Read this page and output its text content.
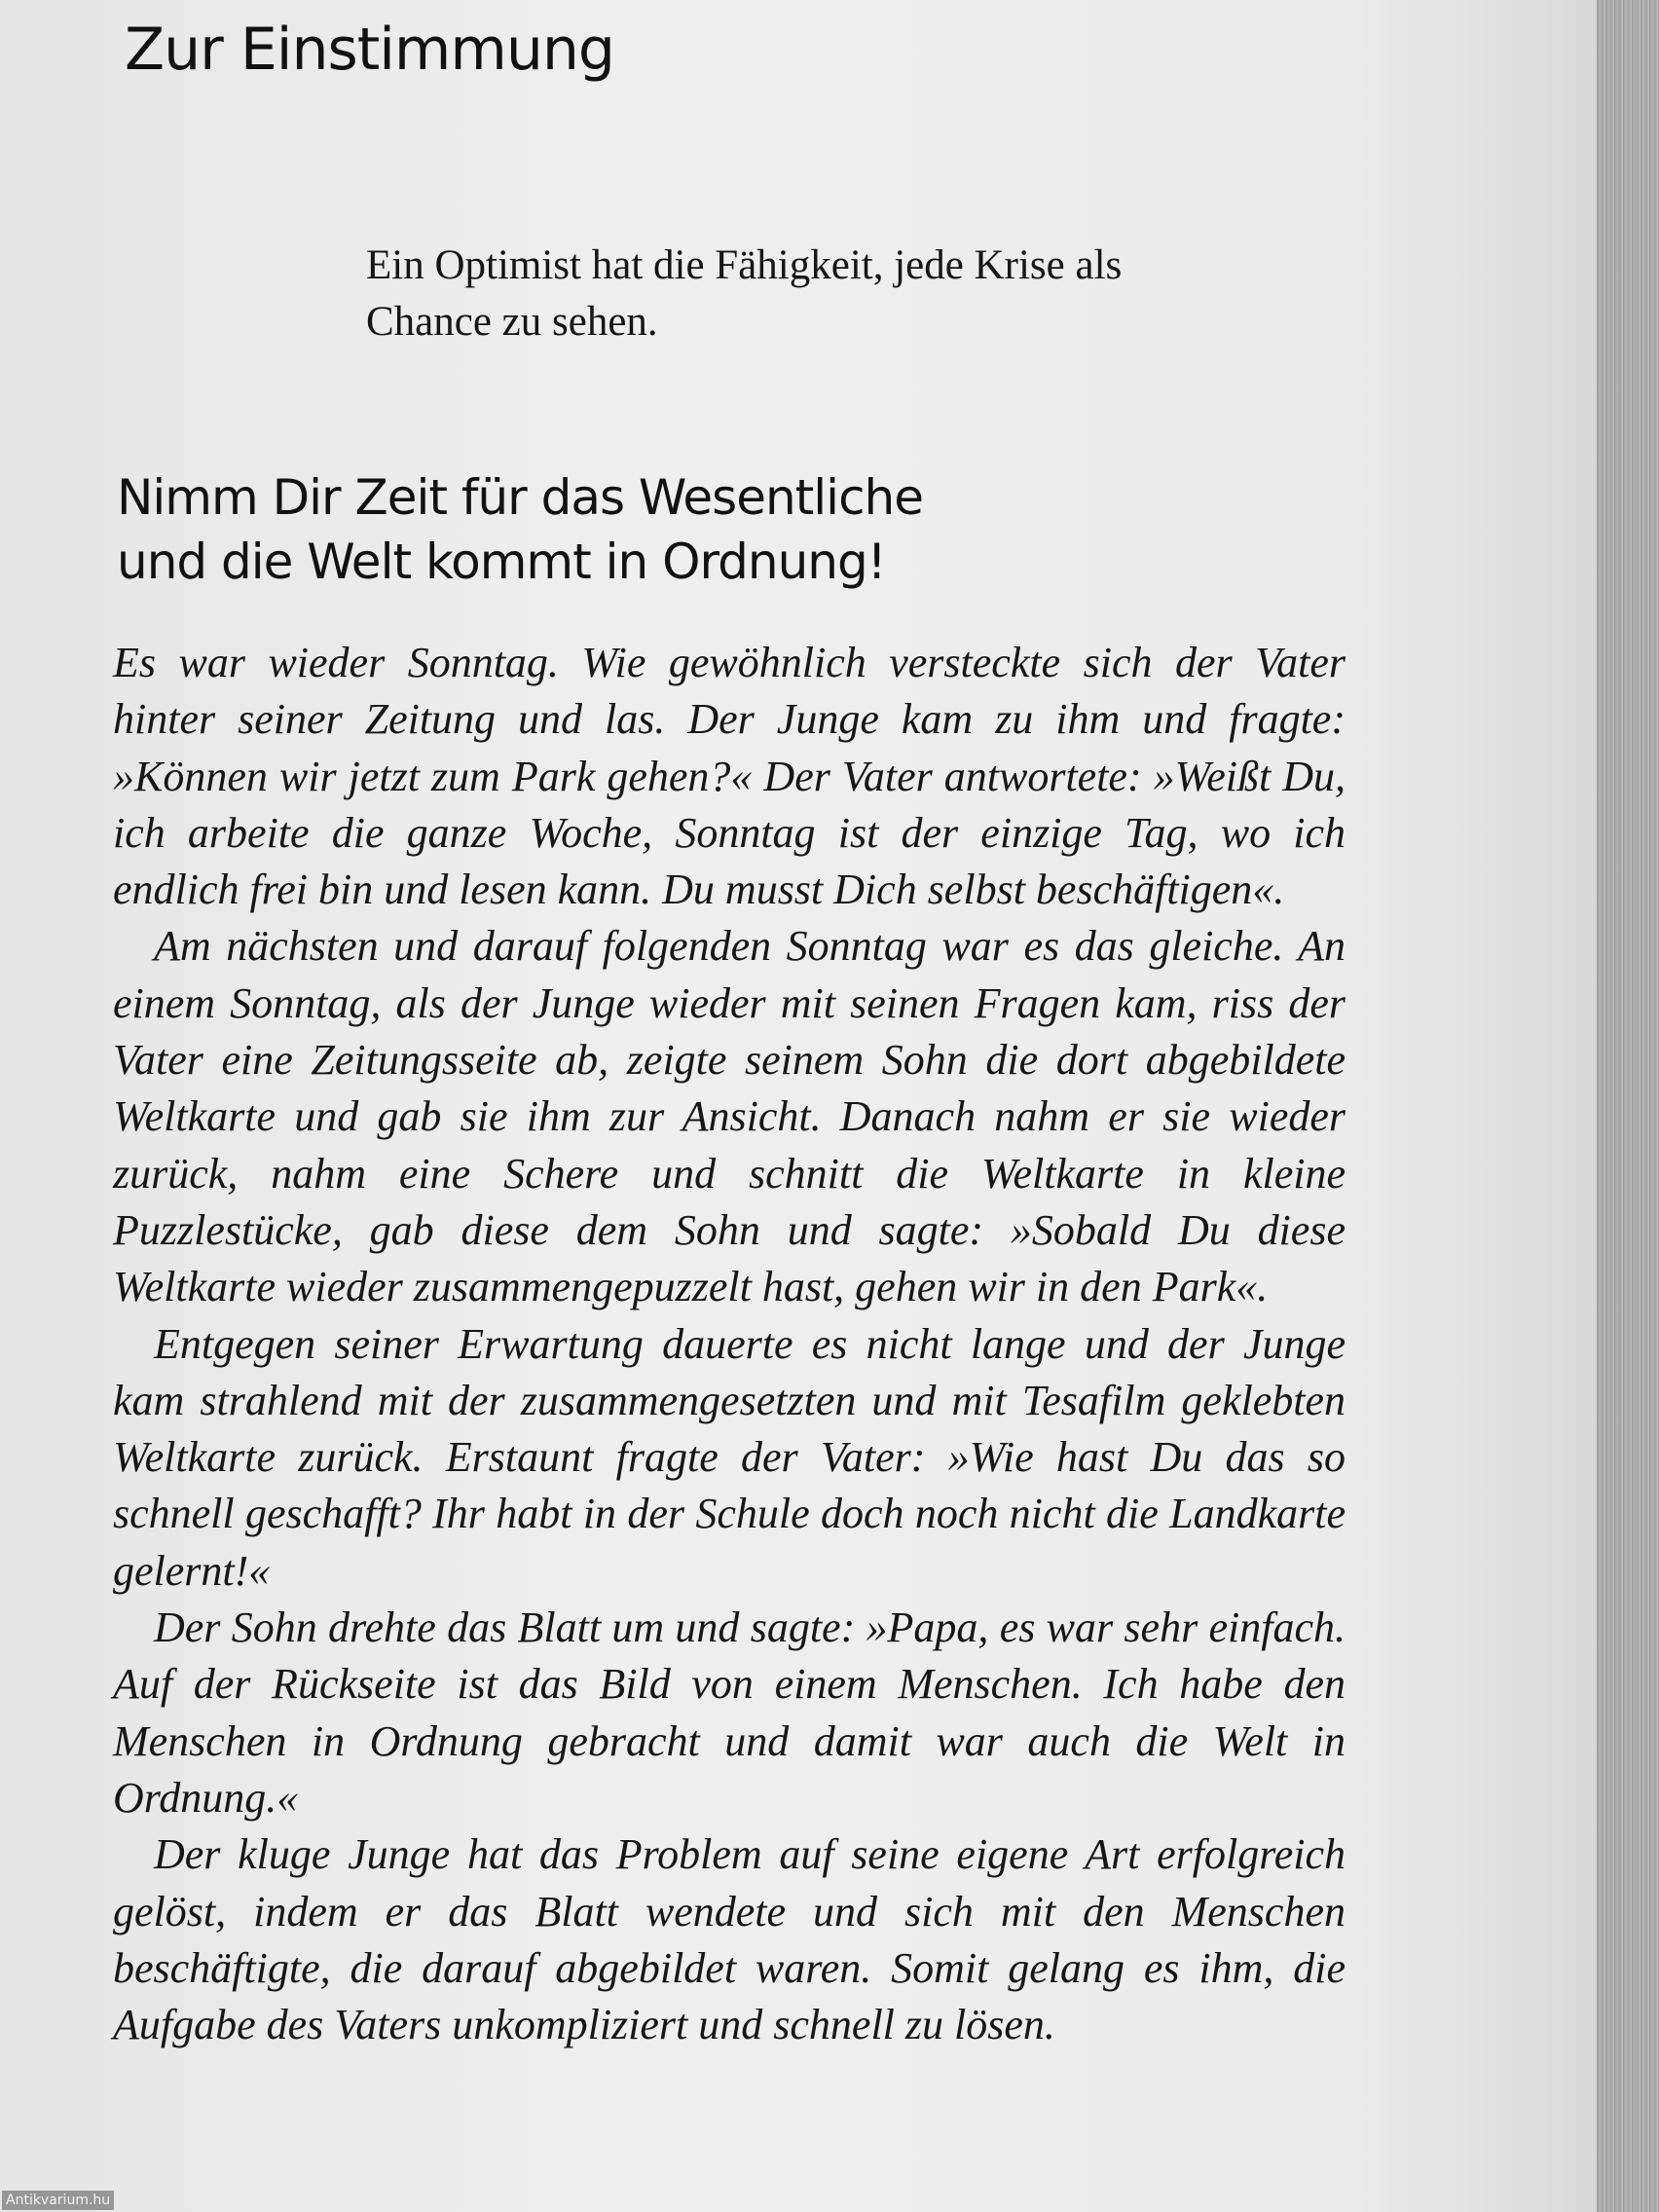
Zur Einstimmung

Ein Optimist hat die Fähigkeit, jede Krise als Chance zu sehen.

Nimm Dir Zeit für das Wesentliche
und die Welt kommt in Ordnung!

Es war wieder Sonntag. Wie gewöhnlich versteckte sich der Vater hinter seiner Zeitung und las. Der Junge kam zu ihm und fragte: »Können wir jetzt zum Park gehen?« Der Vater antwortete: »Weißt Du, ich arbeite die ganze Woche, Sonntag ist der einzige Tag, wo ich endlich frei bin und lesen kann. Du musst Dich selbst beschäftigen«.

Am nächsten und darauf folgenden Sonntag war es das gleiche. An einem Sonntag, als der Junge wieder mit seinen Fragen kam, riss der Vater eine Zeitungsseite ab, zeigte seinem Sohn die dort abgebildete Weltkarte und gab sie ihm zur Ansicht. Danach nahm er sie wieder zurück, nahm eine Schere und schnitt die Weltkarte in kleine Puzzlestücke, gab diese dem Sohn und sagte: »Sobald Du diese Weltkarte wieder zusammengepuzzelt hast, gehen wir in den Park«.

Entgegen seiner Erwartung dauerte es nicht lange und der Junge kam strahlend mit der zusammengesetzten und mit Tesafilm geklebten Weltkarte zurück. Erstaunt fragte der Vater: »Wie hast Du das so schnell geschafft? Ihr habt in der Schule doch noch nicht die Landkarte gelernt!«

Der Sohn drehte das Blatt um und sagte: »Papa, es war sehr einfach. Auf der Rückseite ist das Bild von einem Menschen. Ich habe den Menschen in Ordnung gebracht und damit war auch die Welt in Ordnung.«

Der kluge Junge hat das Problem auf seine eigene Art erfolgreich gelöst, indem er das Blatt wendete und sich mit den Menschen beschäftigte, die darauf abgebildet waren. Somit gelang es ihm, die Aufgabe des Vaters unkompliziert und schnell zu lösen.

Antikvarium.hu
